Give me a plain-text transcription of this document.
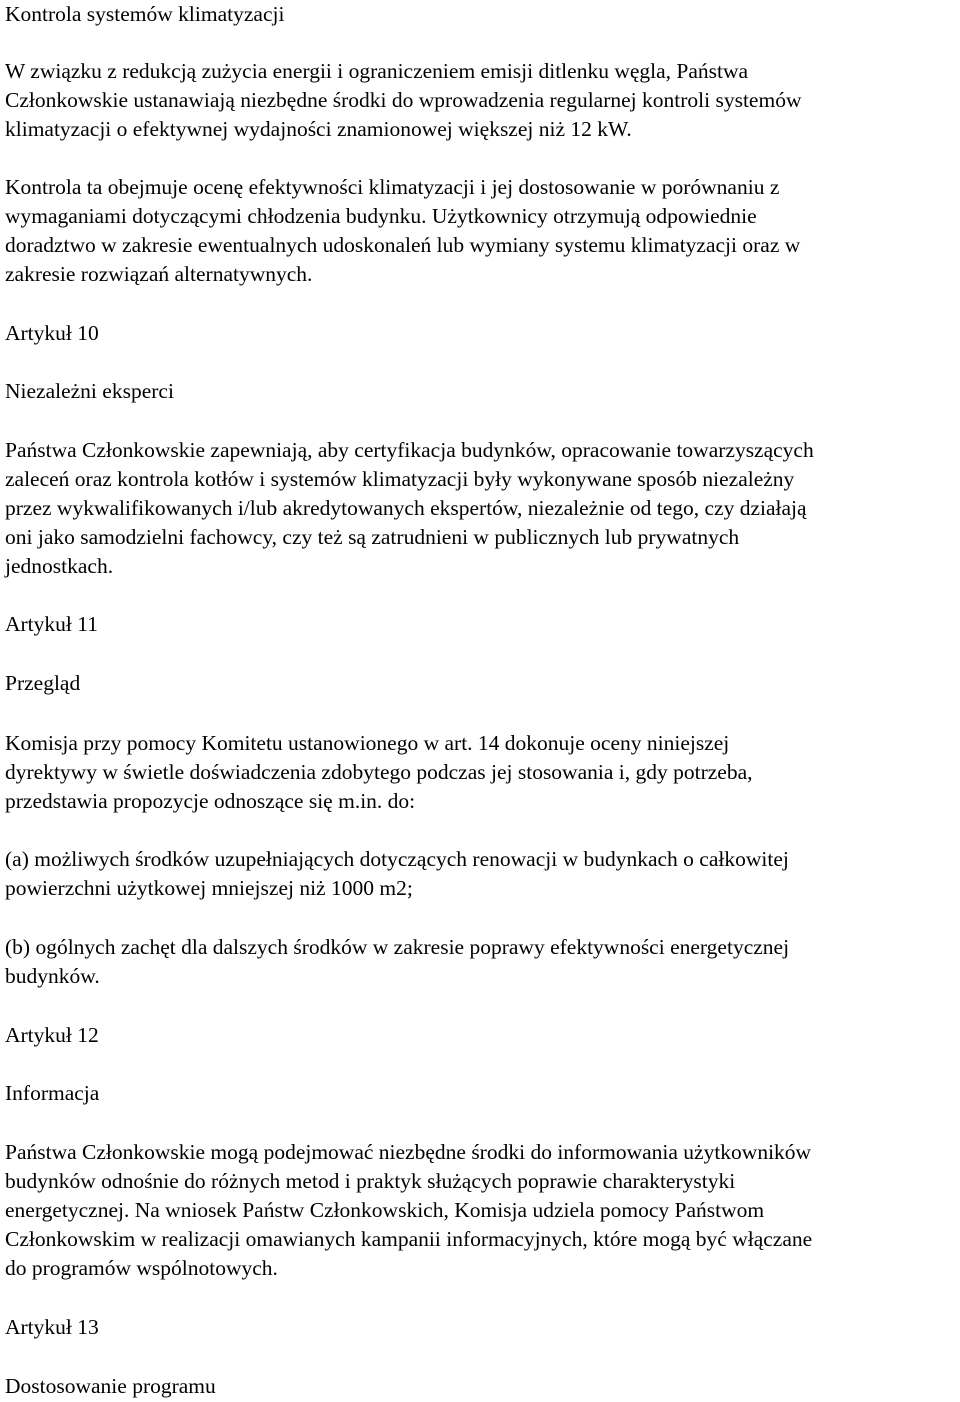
Kontrola systemów klimatyzacji

W związku z redukcją zużycia energii i ograniczeniem emisji ditlenku węgla, Państwa
Członkowskie ustanawiają niezbędne środki do wprowadzenia regularnej kontroli systemów
klimatyzacji o efektywnej wydajności znamionowej większej niż 12 kW.

Kontrola ta obejmuje ocenę efektywności klimatyzacji i jej dostosowanie w porównaniu z
wymaganiami dotyczącymi chłodzenia budynku. Użytkownicy otrzymują odpowiednie
doradztwo w zakresie ewentualnych udoskonaleń lub wymiany systemu klimatyzacji oraz w
zakresie rozwiązań alternatywnych.

Artykuł 10

Niezależni eksperci

Państwa Członkowskie zapewniają, aby certyfikacja budynków, opracowanie towarzyszących
zaleceń oraz kontrola kotłów i systemów klimatyzacji były wykonywane sposób niezależny
przez wykwalifikowanych i/lub akredytowanych ekspertów, niezależnie od tego, czy działają
oni jako samodzielni fachowcy, czy też są zatrudnieni w publicznych lub prywatnych
jednostkach.

Artykuł 11

Przegląd

Komisja przy pomocy Komitetu ustanowionego w art. 14 dokonuje oceny niniejszej
dyrektywy w świetle doświadczenia zdobytego podczas jej stosowania i, gdy potrzeba,
przedstawia propozycje odnoszące się m.in. do:

(a) możliwych środków uzupełniających dotyczących renowacji w budynkach o całkowitej
powierzchni użytkowej mniejszej niż 1000 m2;

(b) ogólnych zachęt dla dalszych środków w zakresie poprawy efektywności energetycznej
budynków.

Artykuł 12

Informacja

Państwa Członkowskie mogą podejmować niezbędne środki do informowania użytkowników
budynków odnośnie do różnych metod i praktyk służących poprawie charakterystyki
energetycznej. Na wniosek Państw Członkowskich, Komisja udziela pomocy Państwom
Członkowskim w realizacji omawianych kampanii informacyjnych, które mogą być włączane
do programów wspólnotowych.

Artykuł 13

Dostosowanie programu
